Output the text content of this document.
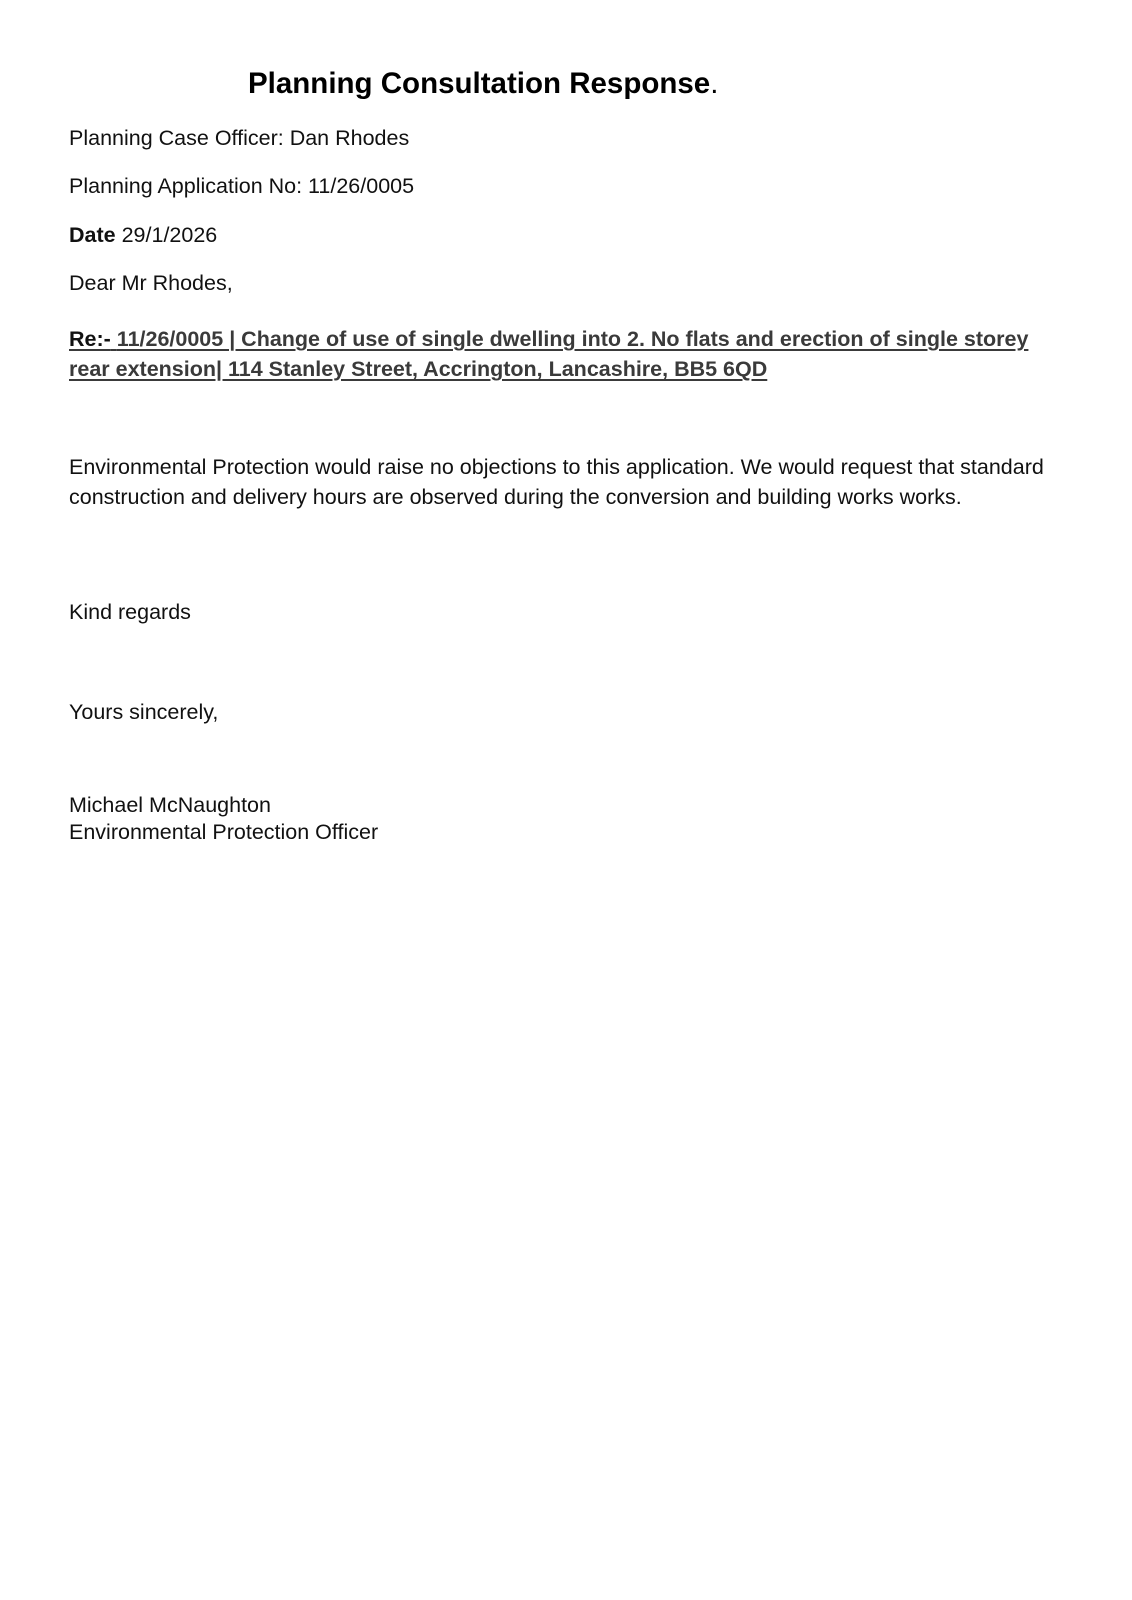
Planning Consultation Response.
Planning Case Officer: Dan Rhodes
Planning Application No: 11/26/0005
Date 29/1/2026
Dear Mr Rhodes,
Re:- 11/26/0005 | Change of use of single dwelling into 2. No flats and erection of single storey rear extension| 114 Stanley Street, Accrington, Lancashire, BB5 6QD
Environmental Protection would raise no objections to this application. We would request that standard construction and delivery hours are observed during the conversion and building works works.
Kind regards
Yours sincerely,
Michael McNaughton
Environmental Protection Officer
